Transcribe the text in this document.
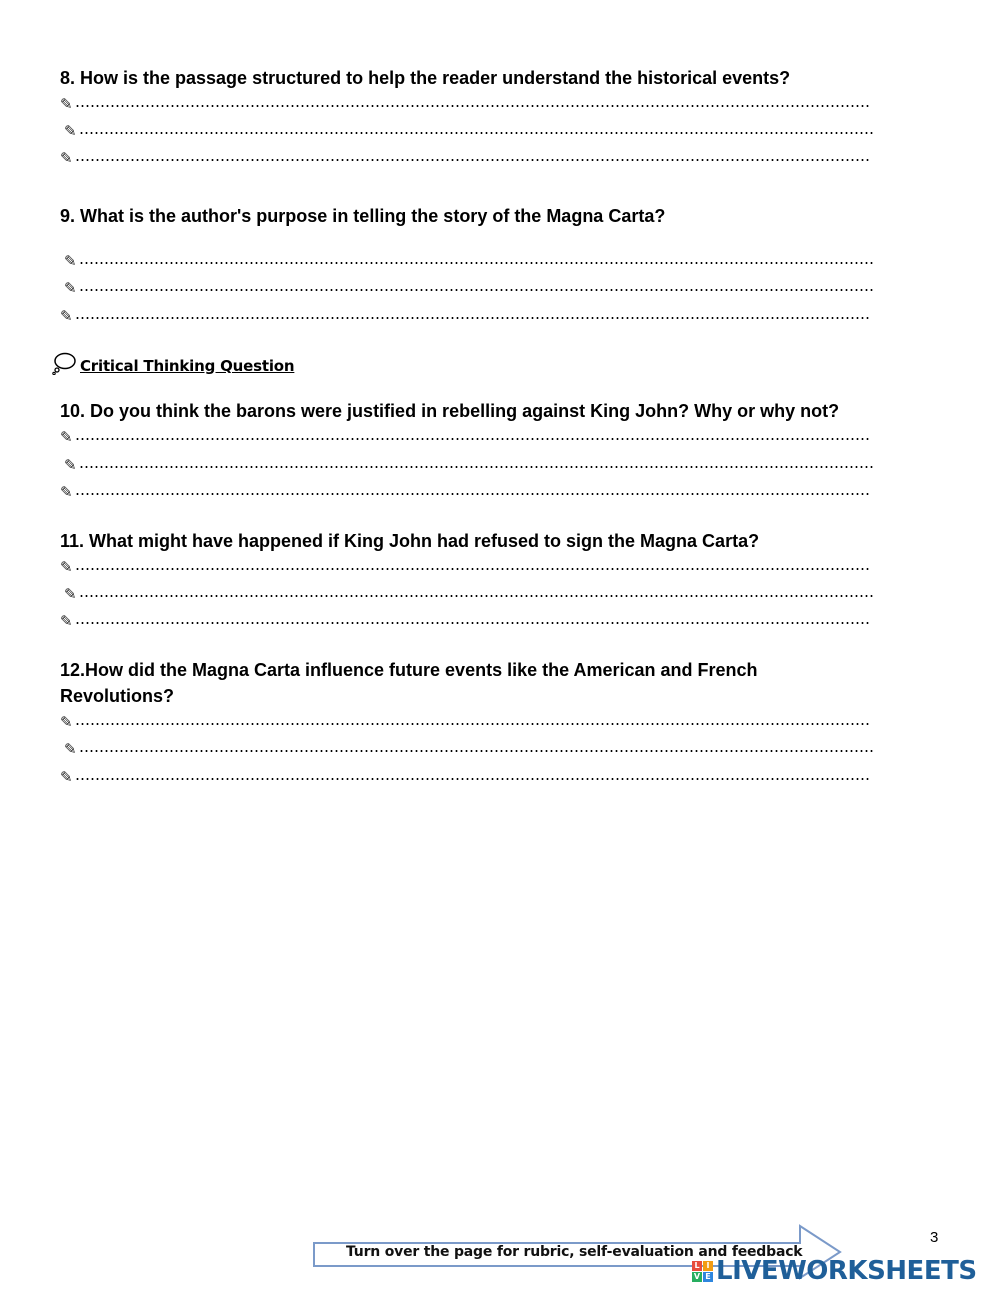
8. How is the passage structured to help the reader understand the historical events?
✎
✎
✎
9. What is the author's purpose in telling the story of the Magna Carta?
✎
✎
✎
Critical Thinking Question
10. Do you think the barons were justified in rebelling against King John? Why or why not?
✎
✎
✎
11. What might have happened if King John had refused to sign the Magna Carta?
✎
✎
✎
12.How did the Magna Carta influence future events like the American and French Revolutions?
✎
✎
✎
3
Turn over the page for rubric, self-evaluation and feedback
L I
V E LIVEWORKSHEETS
